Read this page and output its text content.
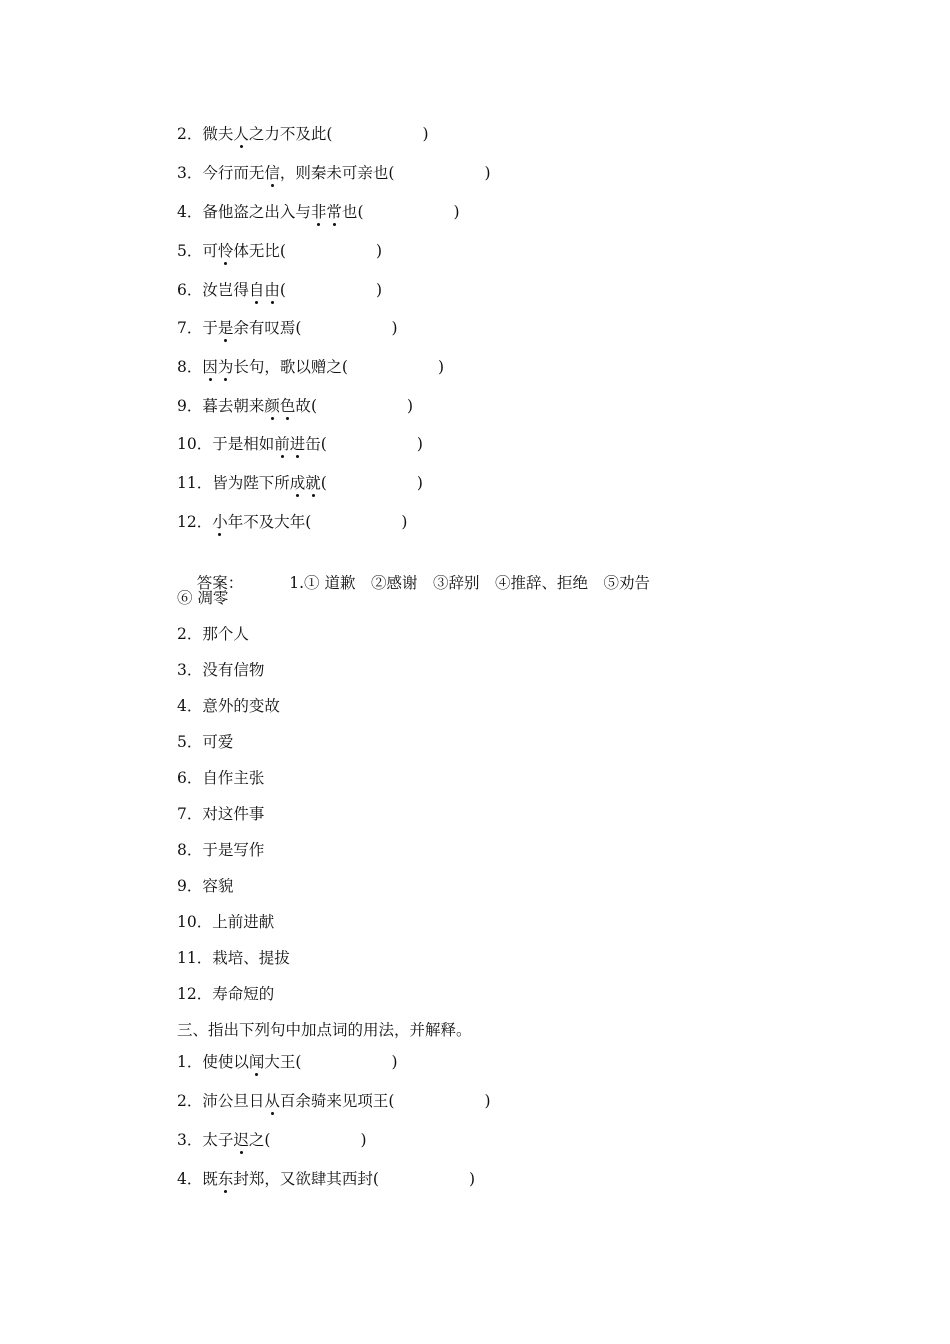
2．微夫人之力不及此(	)
3．今行而无信，则秦未可亲也(	)
4．备他盗之出入与非常也(	)
5．可怜体无比(	)
6．汝岂得自由(	)
7．于是余有叹焉(	)
8．因为长句，歌以赠之(	)
9．暮去朝来颜色故(	)
10．于是相如前进缶(	)
11．皆为陛下所成就(	)
12．小年不及大年(	)

答案：	1.① 道歉　②感谢　③辞别　④推辞、拒绝　⑤劝告

⑥ 凋零
2．那个人
3．没有信物
4．意外的变故
5．可爱
6．自作主张
7．对这件事
8．于是写作
9．容貌
10．上前进献
11．栽培、提拔
12．寿命短的
三、指出下列句中加点词的用法，并解释。
1．使使以闻大王(	)
2．沛公旦日从百余骑来见项王(	)
3．太子迟之(	)
4．既东封郑，又欲肆其西封(	)
